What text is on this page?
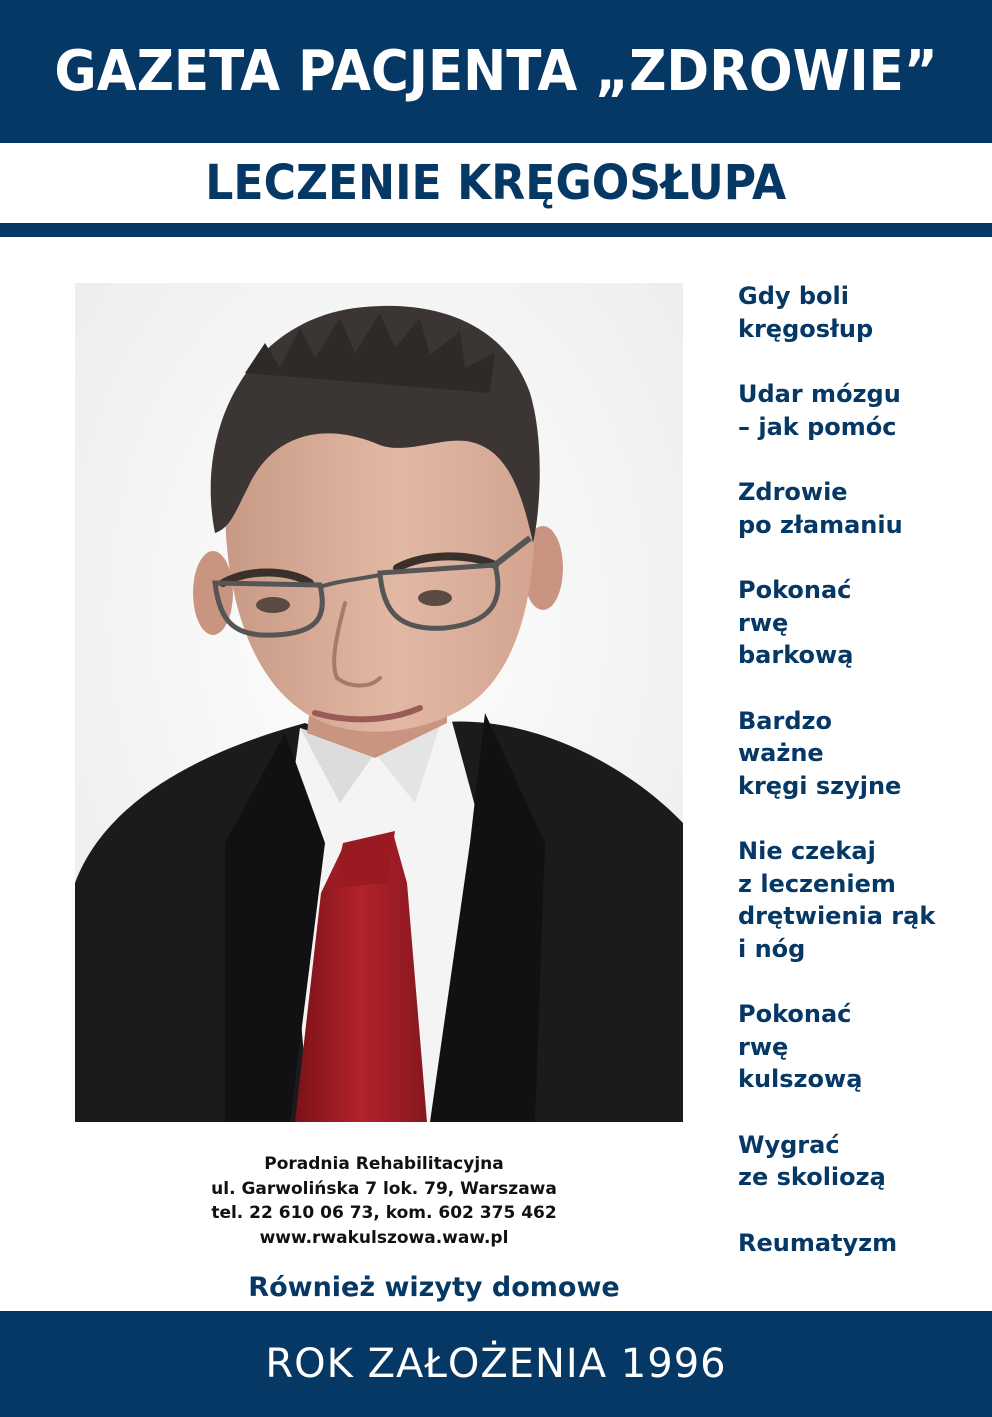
GAZETA PACJENTA „ZDROWIE”
LECZENIE KRĘGOSŁUPA
Gdy boli
kręgosłup
Udar mózgu
– jak pomóc
Zdrowie
po złamaniu
Pokonać
rwę
barkową
Bardzo
ważne
kręgi szyjne
Nie czekaj
z leczeniem
drętwienia rąk
i nóg
Pokonać
rwę
kulszową
Wygrać
ze skoliozą
Reumatyzm
Poradnia Rehabilitacyjna
ul. Garwolińska 7 lok. 79, Warszawa
tel. 22 610 06 73, kom. 602 375 462
www.rwakulszowa.waw.pl
Również wizyty domowe
ROK ZAŁOŻENIA 1996
